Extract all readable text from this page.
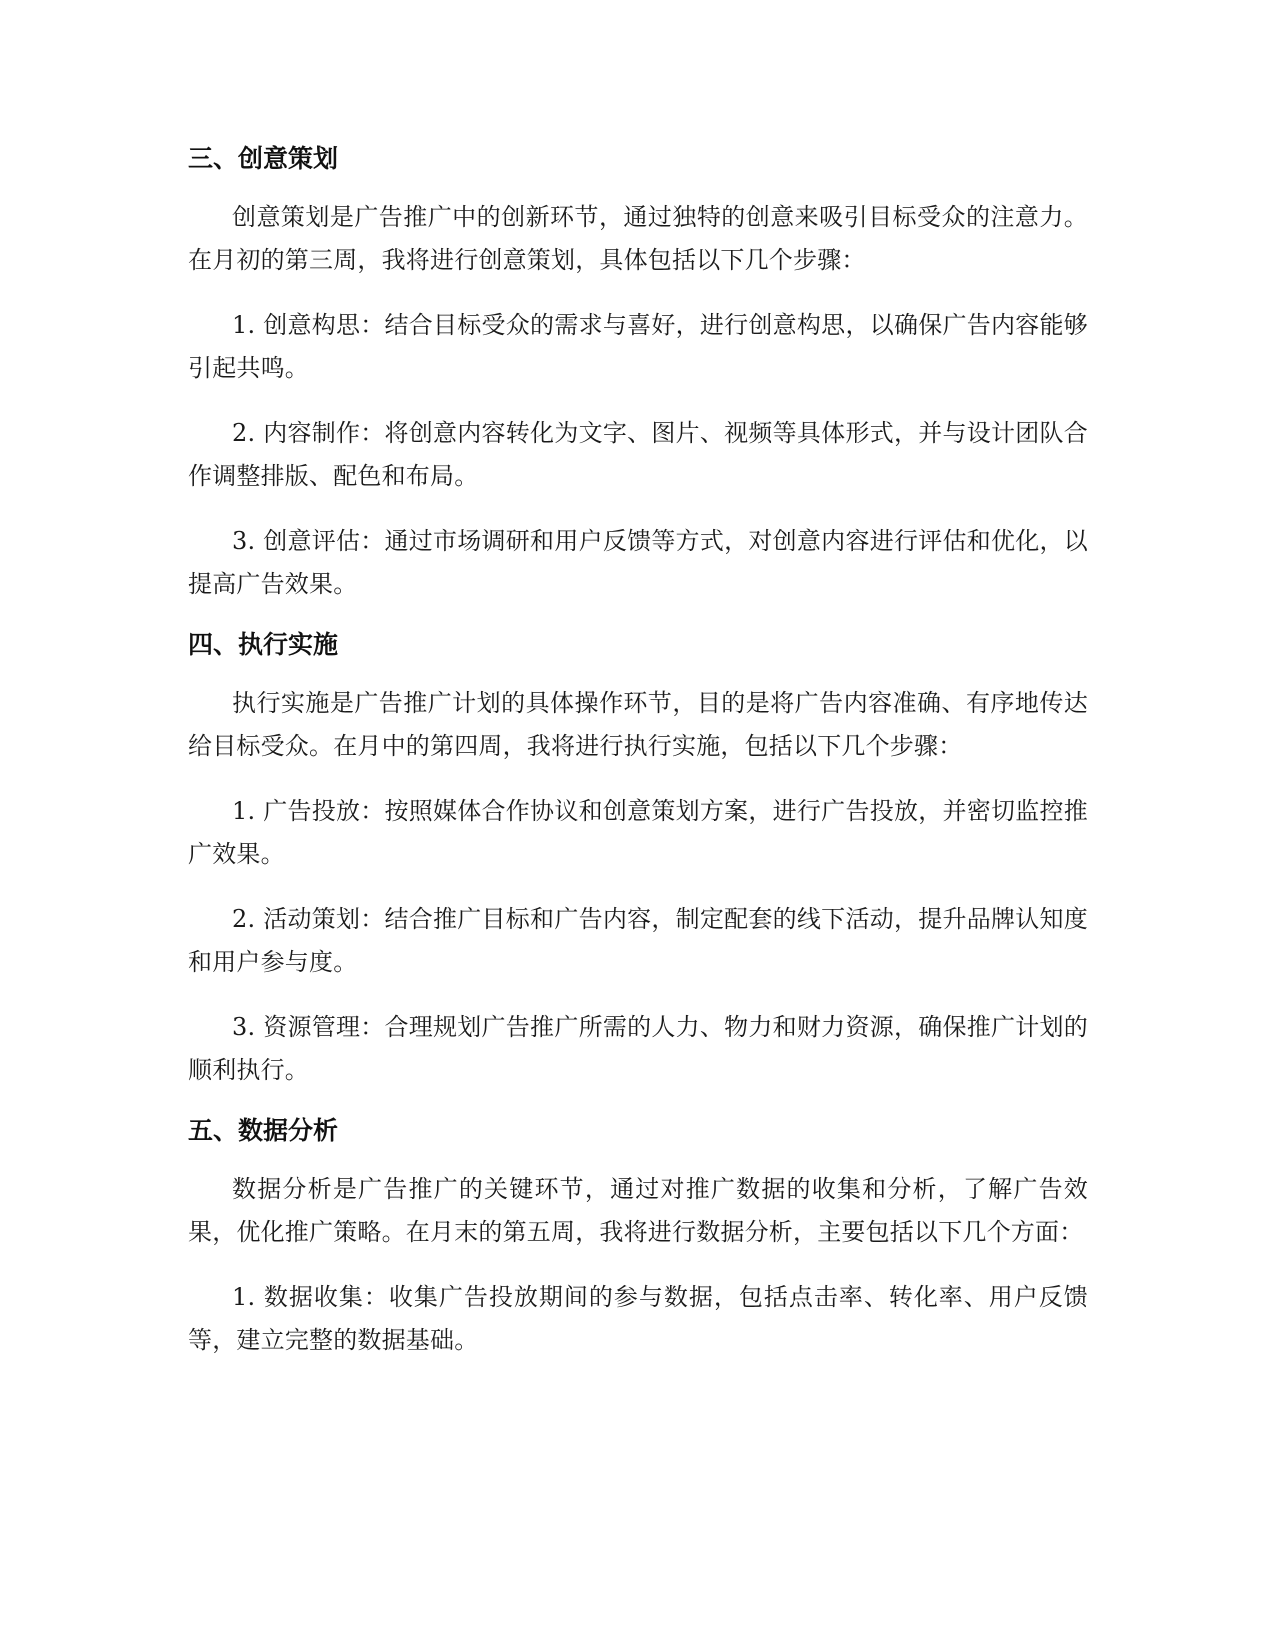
三、创意策划

创意策划是广告推广中的创新环节，通过独特的创意来吸引目标受众的注意力。在月初的第三周，我将进行创意策划，具体包括以下几个步骤：

1. 创意构思：结合目标受众的需求与喜好，进行创意构思，以确保广告内容能够引起共鸣。

2. 内容制作：将创意内容转化为文字、图片、视频等具体形式，并与设计团队合作调整排版、配色和布局。

3. 创意评估：通过市场调研和用户反馈等方式，对创意内容进行评估和优化，以提高广告效果。

四、执行实施

执行实施是广告推广计划的具体操作环节，目的是将广告内容准确、有序地传达给目标受众。在月中的第四周，我将进行执行实施，包括以下几个步骤：

1. 广告投放：按照媒体合作协议和创意策划方案，进行广告投放，并密切监控推广效果。

2. 活动策划：结合推广目标和广告内容，制定配套的线下活动，提升品牌认知度和用户参与度。

3. 资源管理：合理规划广告推广所需的人力、物力和财力资源，确保推广计划的顺利执行。

五、数据分析

数据分析是广告推广的关键环节，通过对推广数据的收集和分析，了解广告效果，优化推广策略。在月末的第五周，我将进行数据分析，主要包括以下几个方面：

1. 数据收集：收集广告投放期间的参与数据，包括点击率、转化率、用户反馈等，建立完整的数据基础。
